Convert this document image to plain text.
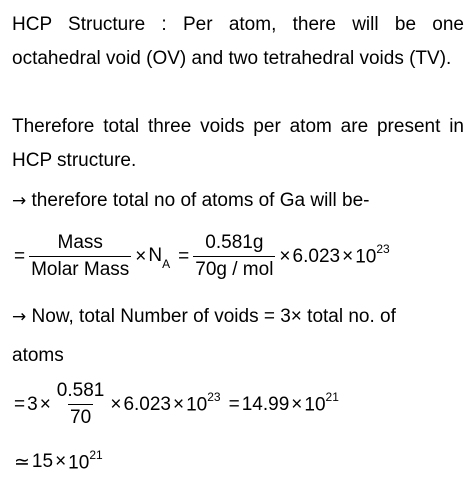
HCP Structure : Per atom, there will be one octahedral void (OV) and two tetrahedral voids (TV).
Therefore total three voids per atom are present in HCP structure.
→ therefore total no of atoms of Ga will be-
= $\frac{\text{Mass}}{\text{Molar Mass}} \times N_A = \frac{0.581g}{\text{70g / mol}} \times 6.023 \times 10^{23}$
→ Now, total Number of voids = 3× total no. of
atoms
= $3 \times \frac{0.581}{70} \times 6.023 \times 10^{23} = 14.99 \times 10^{21}$
≃ $15 \times 10^{21}$
